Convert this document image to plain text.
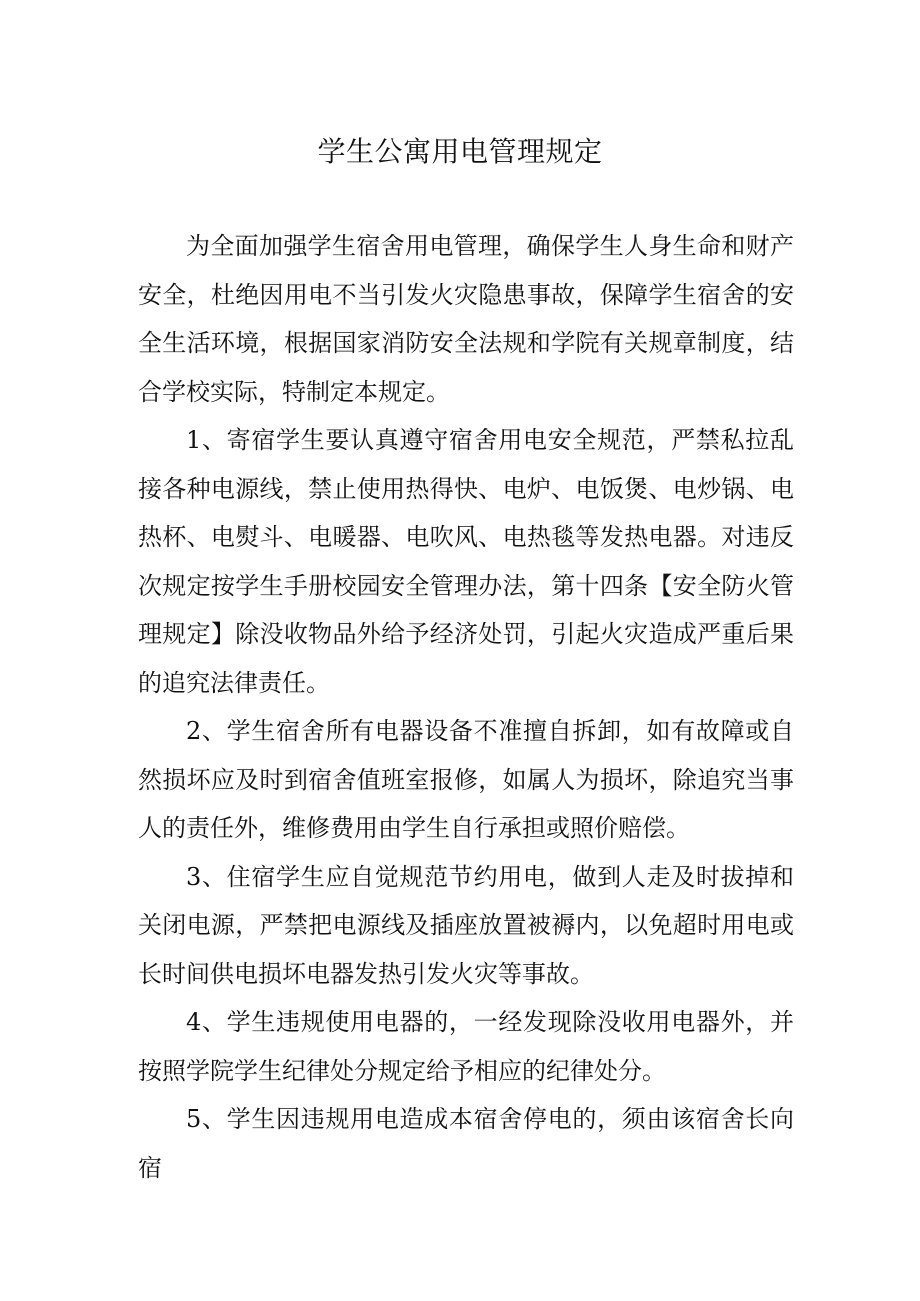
学生公寓用电管理规定

为全面加强学生宿舍用电管理，确保学生人身生命和财产安全，杜绝因用电不当引发火灾隐患事故，保障学生宿舍的安全生活环境，根据国家消防安全法规和学院有关规章制度，结合学校实际，特制定本规定。

1、寄宿学生要认真遵守宿舍用电安全规范，严禁私拉乱接各种电源线，禁止使用热得快、电炉、电饭煲、电炒锅、电热杯、电熨斗、电暖器、电吹风、电热毯等发热电器。对违反次规定按学生手册校园安全管理办法，第十四条【安全防火管理规定】除没收物品外给予经济处罚，引起火灾造成严重后果的追究法律责任。

2、学生宿舍所有电器设备不准擅自拆卸，如有故障或自然损坏应及时到宿舍值班室报修，如属人为损坏，除追究当事人的责任外，维修费用由学生自行承担或照价赔偿。

3、住宿学生应自觉规范节约用电，做到人走及时拔掉和关闭电源，严禁把电源线及插座放置被褥内，以免超时用电或长时间供电损坏电器发热引发火灾等事故。

4、学生违规使用电器的，一经发现除没收用电器外，并按照学院学生纪律处分规定给予相应的纪律处分。

5、学生因违规用电造成本宿舍停电的，须由该宿舍长向宿
